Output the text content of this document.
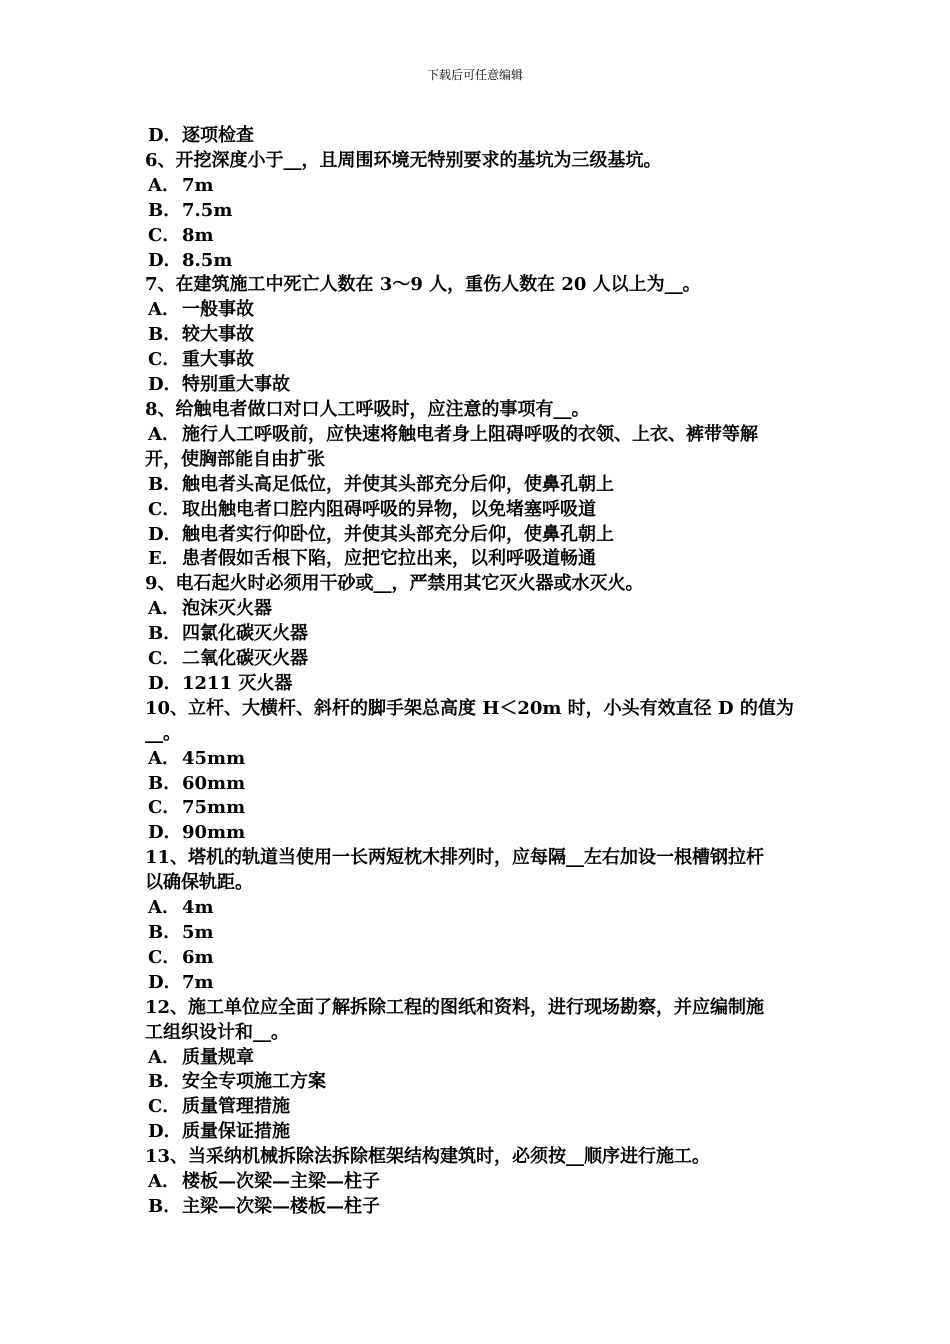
下载后可任意编辑
D．逐项检查
6、开挖深度小于__，且周围环境无特别要求的基坑为三级基坑。
A． 7m
B．7.5m
C．8m
D．8.5m
7、在建筑施工中死亡人数在 3～9 人，重伤人数在 20 人以上为__。
A． 一般事故
B．较大事故
C．重大事故
D．特别重大事故
8、给触电者做口对口人工呼吸时，应注意的事项有__。
A． 施行人工呼吸前，应快速将触电者身上阻碍呼吸的衣领、上衣、裤带等解
开，使胸部能自由扩张
B．触电者头高足低位，并使其头部充分后仰，使鼻孔朝上
C．取出触电者口腔内阻碍呼吸的异物，以免堵塞呼吸道
D．触电者实行仰卧位，并使其头部充分后仰，使鼻孔朝上
E． 患者假如舌根下陷，应把它拉出来，以利呼吸道畅通
9、电石起火时必须用干砂或__，严禁用其它灭火器或水灭火。
A． 泡沫灭火器
B．四氯化碳灭火器
C．二氧化碳灭火器
D．1211 灭火器
10、立杆、大横杆、斜杆的脚手架总高度 H＜20m 时，小头有效直径 D 的值为
__。
A． 45mm
B．60mm
C．75mm
D．90mm
11、塔机的轨道当使用一长两短枕木排列时，应每隔__左右加设一根槽钢拉杆
以确保轨距。
A． 4m
B．5m
C．6m
D．7m
12、施工单位应全面了解拆除工程的图纸和资料，进行现场勘察，并应编制施
工组织设计和__。
A． 质量规章
B．安全专项施工方案
C．质量管理措施
D．质量保证措施
13、当采纳机械拆除法拆除框架结构建筑时，必须按__顺序进行施工。
A． 楼板—次梁—主梁—柱子
B．主梁—次梁—楼板—柱子
